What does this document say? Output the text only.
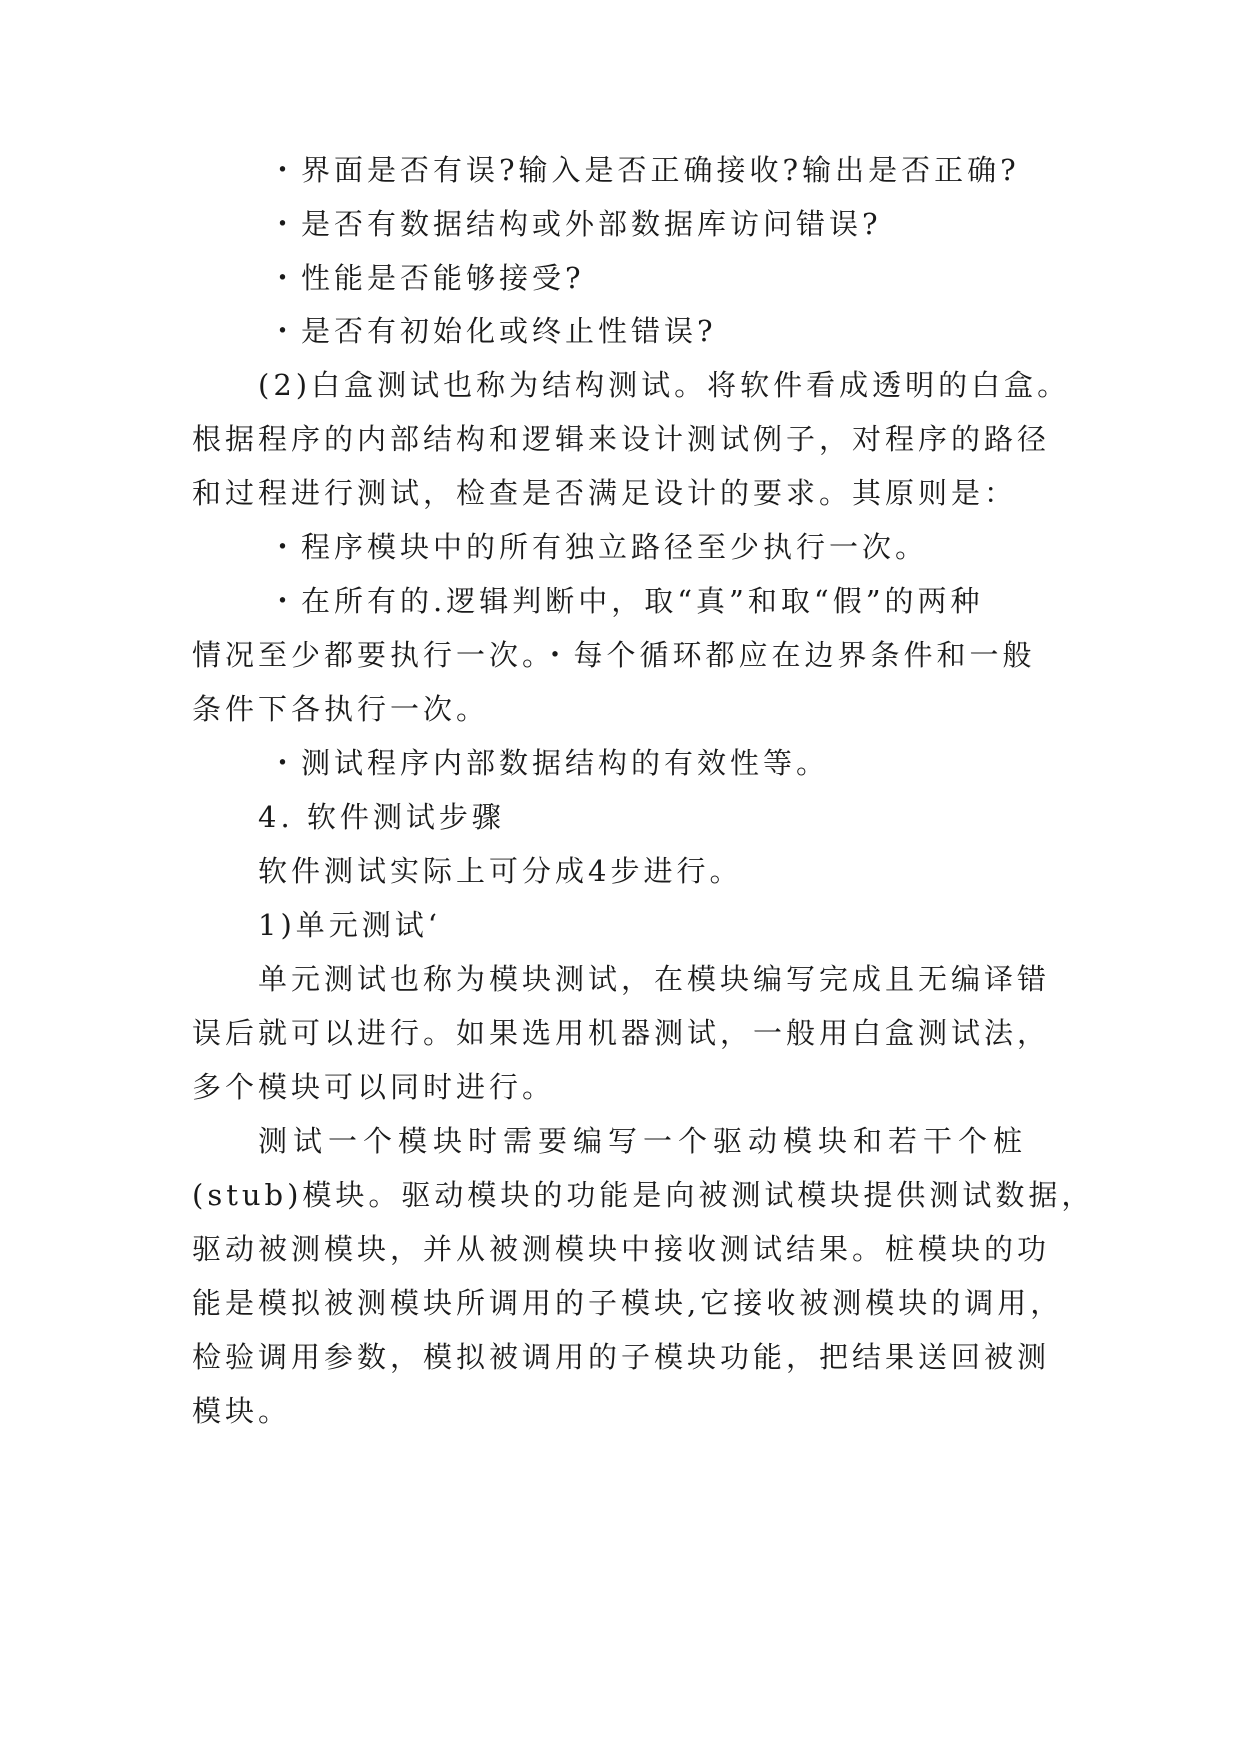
・界面是否有误?输入是否正确接收?输出是否正确?
・是否有数据结构或外部数据库访问错误?
・性能是否能够接受?
・是否有初始化或终止性错误?
(2)白盒测试也称为结构测试。将软件看成透明的白盒。
根据程序的内部结构和逻辑来设计测试例子，对程序的路径
和过程进行测试，检查是否满足设计的要求。其原则是：
・程序模块中的所有独立路径至少执行一次。
・在所有的.逻辑判断中，取“真”和取“假”的两种
情况至少都要执行一次。・每个循环都应在边界条件和一般
条件下各执行一次。
・测试程序内部数据结构的有效性等。
4. 软件测试步骤
软件测试实际上可分成4步进行。
1)单元测试‘
单元测试也称为模块测试，在模块编写完成且无编译错
误后就可以进行。如果选用机器测试，一般用白盒测试法，
多个模块可以同时进行。
测试一个模块时需要编写一个驱动模块和若干个桩
(stub)模块。驱动模块的功能是向被测试模块提供测试数据，
驱动被测模块，并从被测模块中接收测试结果。桩模块的功
能是模拟被测模块所调用的子模块,它接收被测模块的调用，
检验调用参数，模拟被调用的子模块功能，把结果送回被测
模块。
